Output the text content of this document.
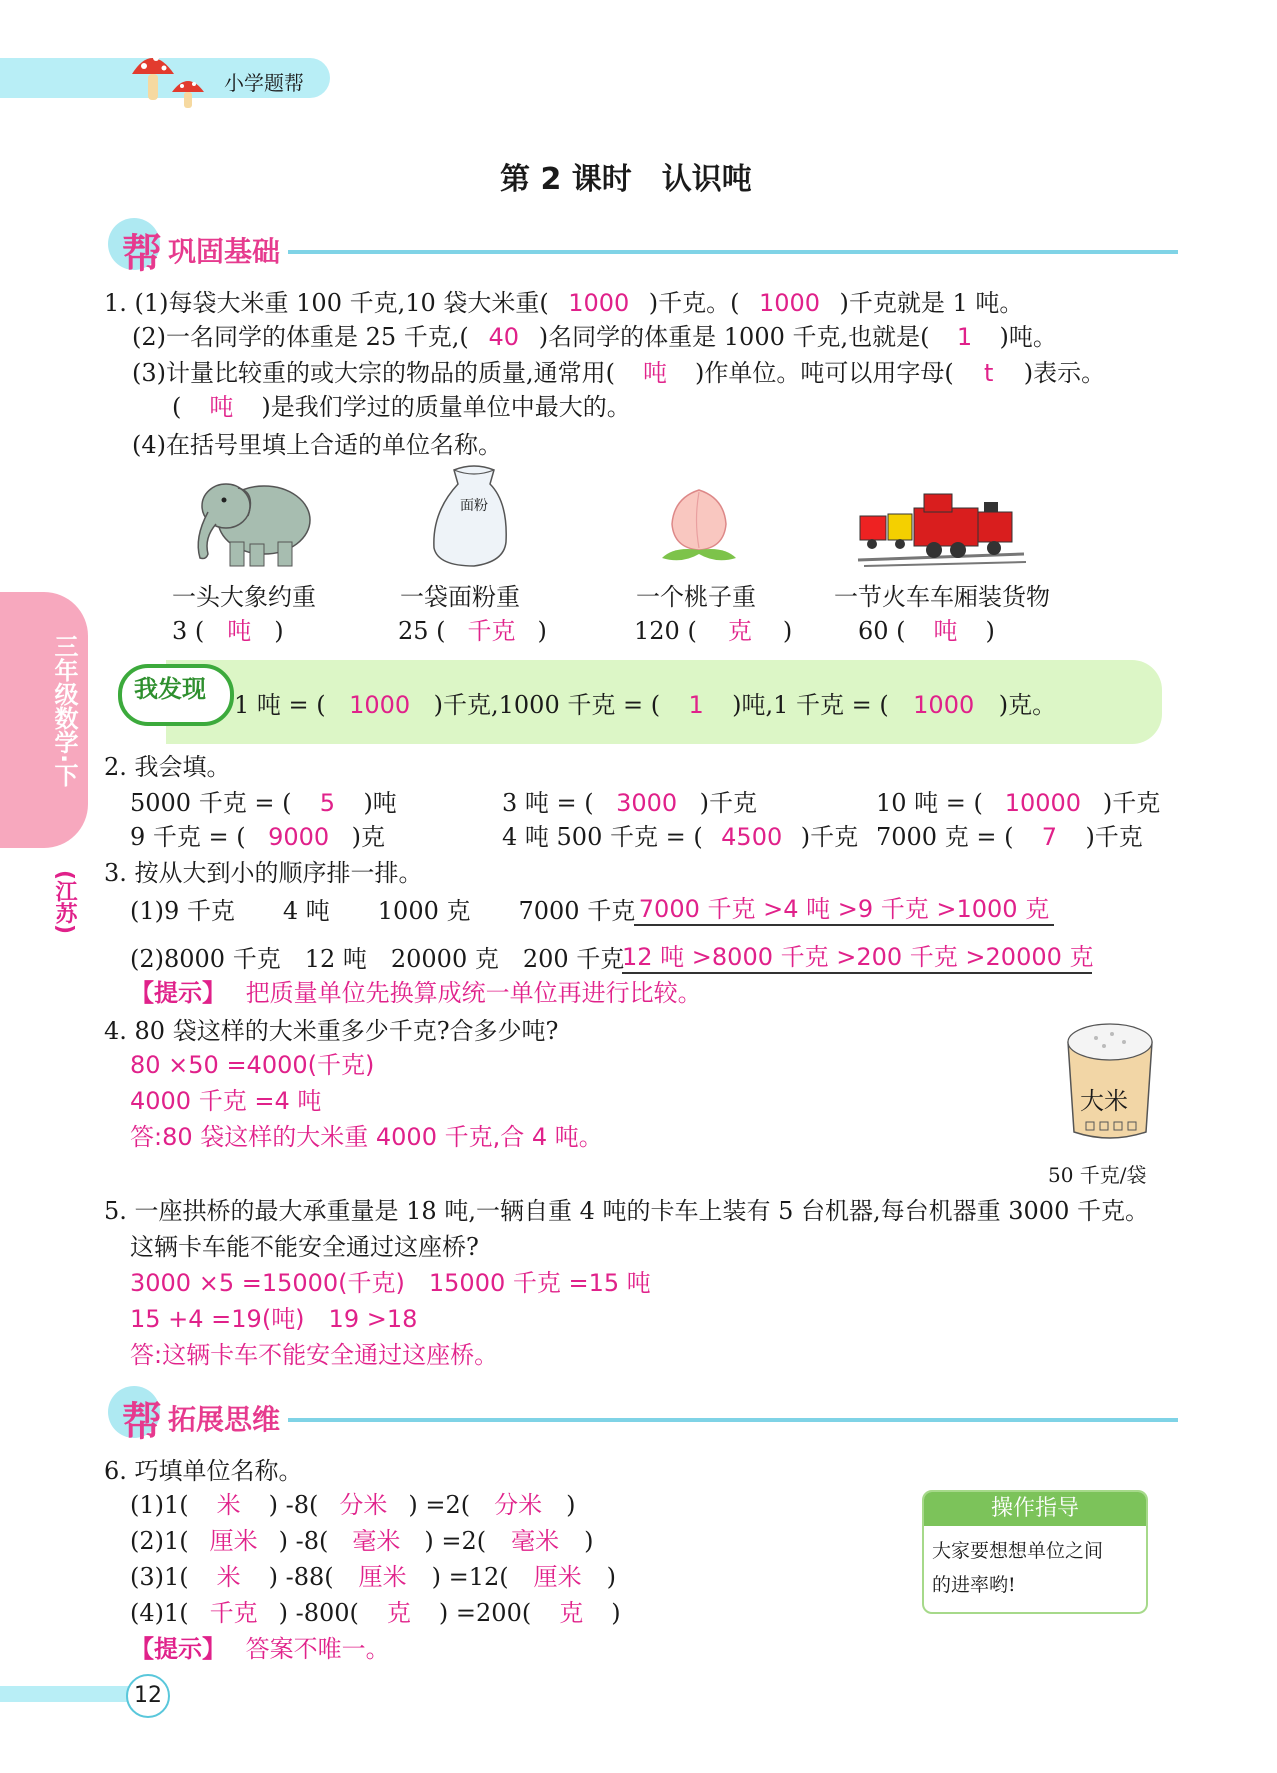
小学题帮
第 2 课时　认识吨
帮 巩固基础
1. (1)每袋大米重 100 千克,10 袋大米重( 1000 )千克。( 1000 )千克就是 1 吨。
(2)一名同学的体重是 25 千克,( 40 )名同学的体重是 1000 千克,也就是( 1 )吨。
(3)计量比较重的或大宗的物品的质量,通常用( 吨 )作单位。吨可以用字母( t )表示。
( 吨 )是我们学过的质量单位中最大的。
(4)在括号里填上合适的单位名称。
面粉
一头大象约重
3 ( 吨 )
一袋面粉重
25 ( 千克 )
一个桃子重
120 ( 克 )
一节火车车厢装货物
60 ( 吨 )
我发现
1 吨 = ( 1000 )千克,1000 千克 = ( 1 )吨,1 千克 = ( 1000 )克。
2. 我会填。
5000 千克 = ( 5 )吨	3 吨 = ( 3000 )千克	10 吨 = ( 10000 )千克
9 千克 = ( 9000 )克	4 吨 500 千克 = ( 4500 )千克 7000 克 = ( 7 )千克
3. 按从大到小的顺序排一排。
(1)9 千克　　4 吨　　1000 克　　7000 千克 7000 千克 >4 吨 >9 千克 >1000 克
(2)8000 千克　12 吨　20000 克　200 千克
12 吨 >8000 千克 >200 千克 >20000 克
【提示】 把质量单位先换算成统一单位再进行比较。
4. 80 袋这样的大米重多少千克?合多少吨?
80 ×50 =4000(千克)
4000 千克 =4 吨
答:80 袋这样的大米重 4000 千克,合 4 吨。
大米
50 千克/袋
5. 一座拱桥的最大承重量是 18 吨,一辆自重 4 吨的卡车上装有 5 台机器,每台机器重 3000 千克。
这辆卡车能不能安全通过这座桥?
3000 ×5 =15000(千克)　15000 千克 =15 吨
15 +4 =19(吨)　19 >18
答:这辆卡车不能安全通过这座桥。
帮 拓展思维
6. 巧填单位名称。
(1)1( 米 ) -8( 分米 ) =2( 分米 )
(2)1( 厘米 ) -8( 毫米 ) =2( 毫米 )
(3)1( 米 ) -88( 厘米 ) =12( 厘米 )
(4)1( 千克 ) -800( 克 ) =200( 克 )
【提示】 答案不唯一。
操作指导
大家要想想单位之间
的进率哟!
三年级数学·下
(江苏)
12
